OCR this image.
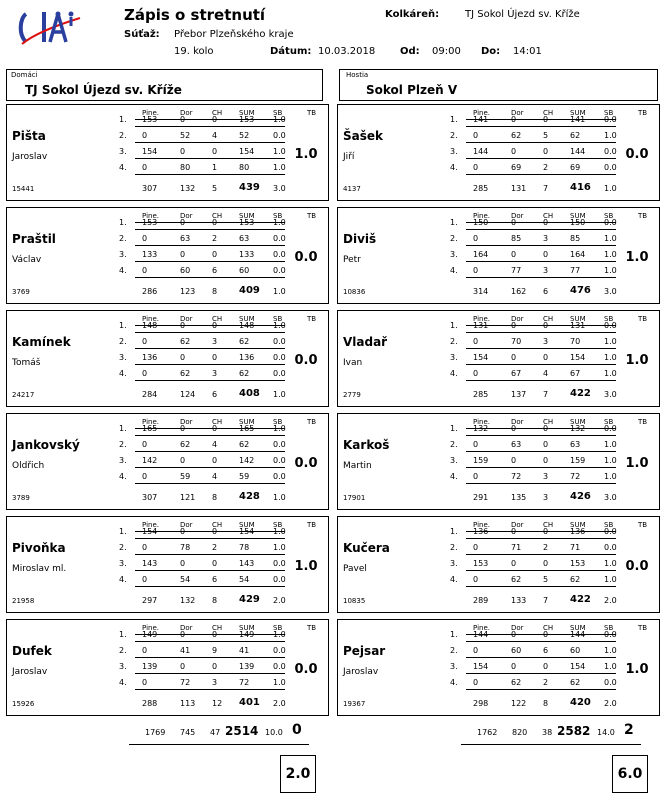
Zápis o stretnutí
Súťaž: Přebor Plzeňského kraje
19. kolo
Kolkáreň:	TJ Sokol Újezd sv. Kříže
Dátum: 10.03.2018 Od: 09:00 Do: 14:01
Domáci
TJ Sokol Újezd sv. Kříže
Hostia
Sokol Plzeň V
Pišta
Jaroslav
15441
1.0
Pine.	Dor	CH SUM	SB	TB
1. 153	0	0	153 1.0
2. 0	52	4	52	0.0
3. 154	0	0	154 1.0
4. 0	80	1	80	1.0
307	132 5 439 3.0
Praštil
Václav
3769
0.0
Pine.	Dor	CH SUM	SB	TB
1. 153	0	0	153 1.0
2. 0	63	2	63	0.0
3. 133	0	0	133 0.0
4. 0	60	6	60	0.0
286	123 8 409 1.0
Kamínek
Tomáš
24217
0.0
Pine.	Dor	CH SUM	SB	TB
1. 148	0	0	148 1.0
2. 0	62	3	62	0.0
3. 136	0	0	136 0.0
4. 0	62	3	62	0.0
284	124 6 408 1.0
Jankovský
Oldřich
3789
0.0
Pine.	Dor	CH SUM	SB	TB
1. 165	0	0	165 1.0
2. 0	62	4	62	0.0
3. 142	0	0	142 0.0
4. 0	59	4	59	0.0
307	121 8 428 1.0
Pivoňka
Miroslav ml.
21958
1.0
Pine.	Dor	CH SUM	SB	TB
1. 154	0	0	154 1.0
2. 0	78	2	78	1.0
3. 143	0	0	143 0.0
4. 0	54	6	54	0.0
297	132 8 429 2.0
Dufek
Jaroslav
15926
0.0
Pine.	Dor	CH SUM	SB	TB
1. 149	0	0	149 1.0
2. 0	41	9	41	0.0
3. 139	0	0	139 0.0
4. 0	72	3	72	1.0
288	113 12 401 2.0
Šašek
Jiří
4137
0.0
Pine.	Dor	CH SUM	SB	TB
1. 141	0	0	141 0.0
2. 0	62	5	62	1.0
3. 144	0	0	144 0.0
4. 0	69	2	69	0.0
285	131 7 416 1.0
Diviš
Petr
10836
1.0
Pine.	Dor	CH SUM	SB	TB
1. 150	0	0	150 0.0
2. 0	85	3	85	1.0
3. 164	0	0	164 1.0
4. 0	77	3	77	1.0
314	162 6 476 3.0
Vladař
Ivan
2779
1.0
Pine.	Dor	CH SUM	SB	TB
1. 131	0	0	131 0.0
2. 0	70	3	70	1.0
3. 154	0	0	154 1.0
4. 0	67	4	67	1.0
285	137 7 422 3.0
Karkoš
Martin
17901
1.0
Pine.	Dor	CH SUM	SB	TB
1. 132	0	0	132 0.0
2. 0	63	0	63	1.0
3. 159	0	0	159 1.0
4. 0	72	3	72	1.0
291	135 3 426 3.0
Kučera
Pavel
10835
0.0
Pine.	Dor	CH SUM	SB	TB
1. 136	0	0	136 0.0
2. 0	71	2	71	0.0
3. 153	0	0	153 1.0
4. 0	62	5	62	1.0
289	133 7 422 2.0
Pejsar
Jaroslav
19367
1.0
Pine.	Dor	CH SUM	SB	TB
1. 144	0	0	144 0.0
2. 0	60	6	60	1.0
3. 154	0	0	154 1.0
4. 0	62	2	62	0.0
298	122 8 420 2.0
1769 745 47 2514 10.0	1762 820 38 2582 14.0
0	2
2.0	6.0
